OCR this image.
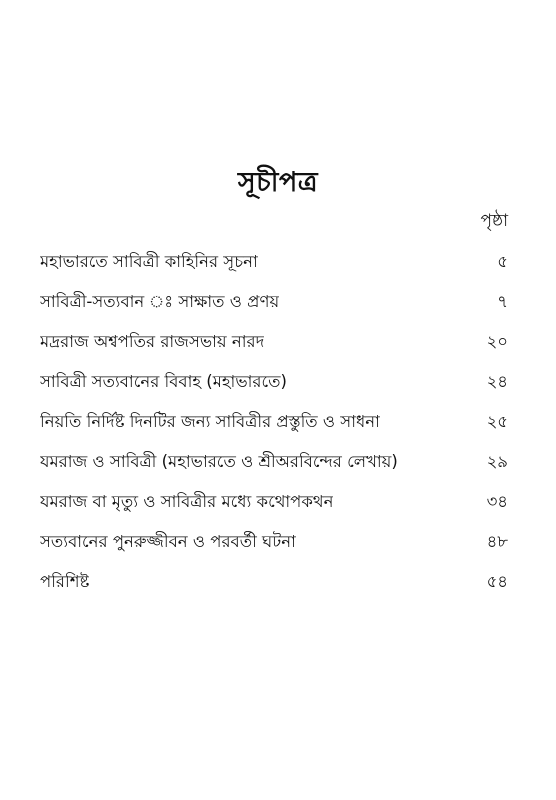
সূচীপত্র
পৃষ্ঠা
মহাভারতে সাবিত্রী কাহিনির সূচনা	৫
সাবিত্রী-সত্যবান ঃ সাক্ষাত ও প্রণয়	৭
মদ্ররাজ অশ্বপতির রাজসভায় নারদ	২০
সাবিত্রী সত্যবানের বিবাহ (মহাভারতে)	২৪
নিয়তি নির্দিষ্ট দিনটির জন্য সাবিত্রীর প্রস্তুতি ও সাধনা	২৫
যমরাজ ও সাবিত্রী (মহাভারতে ও শ্রীঅরবিন্দের লেখায়)	২৯
যমরাজ বা মৃত্যু ও সাবিত্রীর মধ্যে কথোপকথন	৩৪
সত্যবানের পুনরুজ্জীবন ও পরবর্তী ঘটনা	৪৮
পরিশিষ্ট	৫৪
